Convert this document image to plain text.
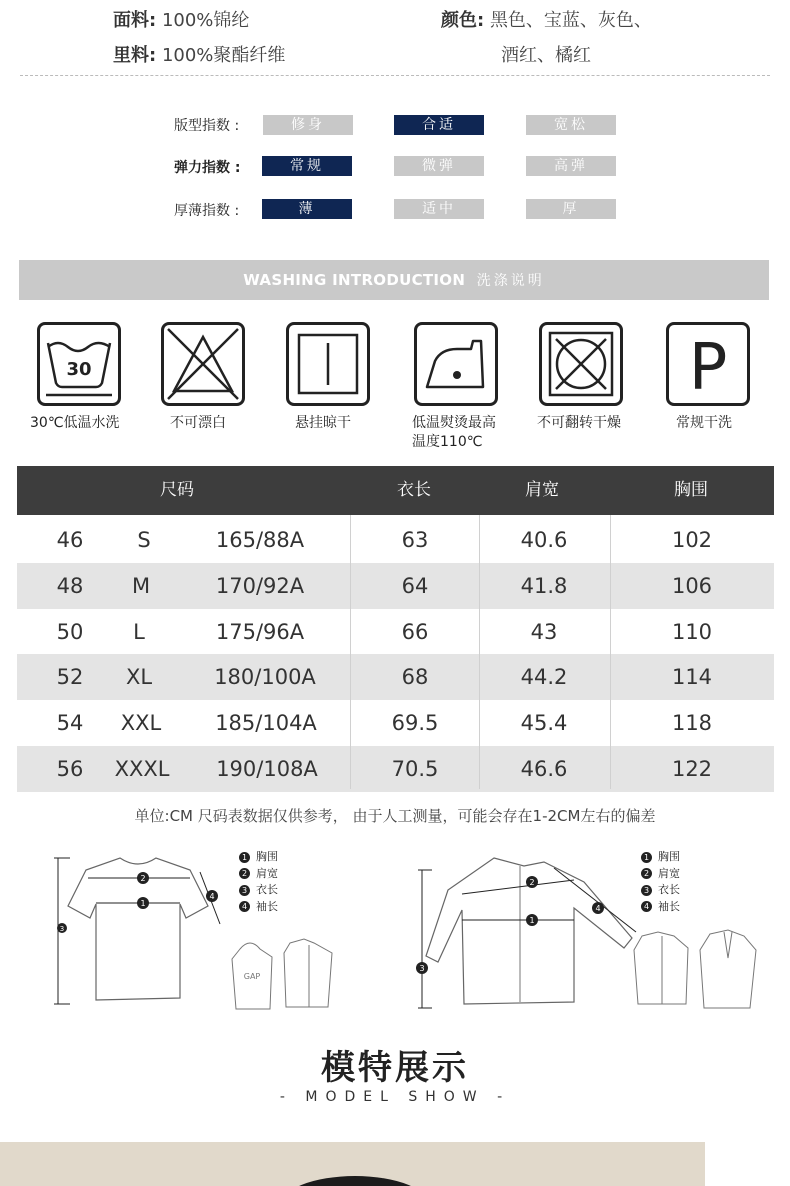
面料: 100%锦纶
里料: 100%聚酯纤维
颜色: 黑色、宝蓝、灰色、
酒红、橘红
版型指数 :	修身	合适	宽松
弹力指数 :	常规	微弹	高弹
厚薄指数 :	薄	适中	厚
WASHING INTRODUCTION 洗涤说明
30	P
30℃低温水洗	不可漂白	悬挂晾干	低温熨烫最高
温度110℃
不可翻转干燥	常规干洗
尺码	衣长	肩宽	胸围
46	S	165/88A	63	40.6	102
48 M	170/92A	64	41.8	106
50 L	175/96A	66	43	110
52 XL	180/100A	68	44.2	114
54 XXL	185/104A	69.5	45.4	118
56 XXXL 190/108A	70.5	46.6	122
单位:CM 尺码表数据仅供参考， 由于人工测量，可能会存在1-2CM左右的偏差
3
2
1
4
1 胸围
2 肩宽
3 衣长
4 袖长
GAP
3
2
1
4
1 胸围
2 肩宽
3 衣长
4 袖长
模特展示
- MODEL SHOW -
